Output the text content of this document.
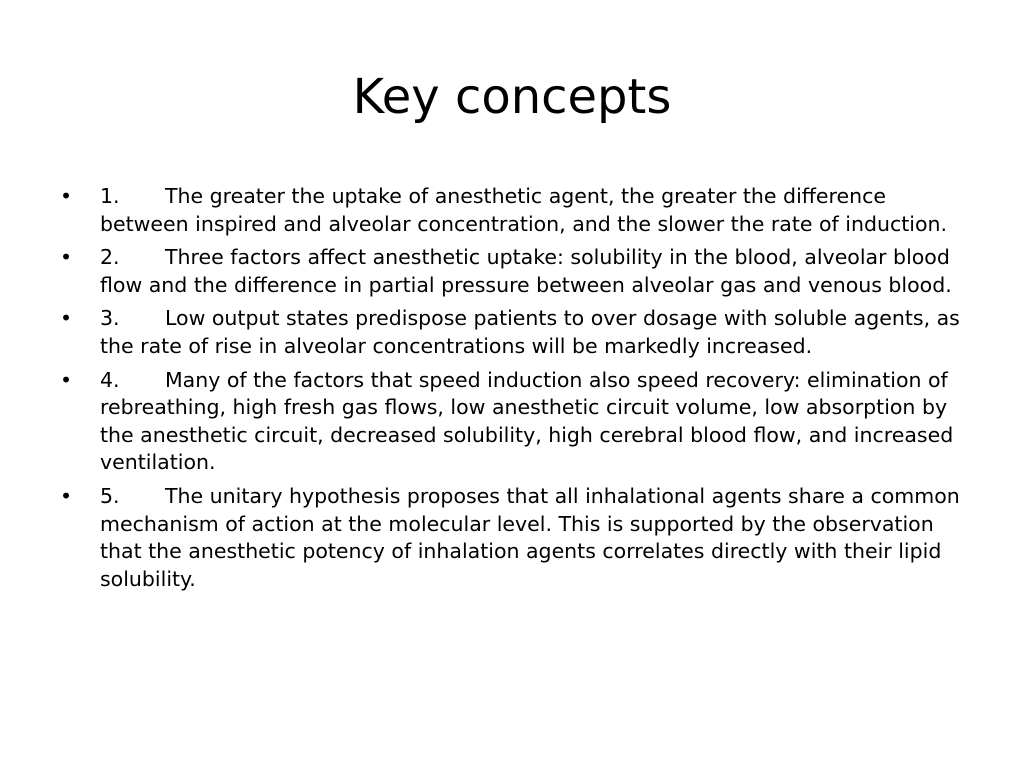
Key concepts
•	1. The greater the uptake of anesthetic agent, the greater the difference between inspired and alveolar concentration, and the slower the rate of induction.
•	2. Three factors affect anesthetic uptake: solubility in the blood, alveolar blood flow and the difference in partial pressure between alveolar gas and venous blood.
•	3. Low output states predispose patients to over dosage with soluble agents, as the rate of rise in alveolar concentrations will be markedly increased.
•	4. Many of the factors that speed induction also speed recovery: elimination of rebreathing, high fresh gas flows, low anesthetic circuit volume, low absorption by the anesthetic circuit, decreased solubility, high cerebral blood flow, and increased ventilation.
•	5. The unitary hypothesis proposes that all inhalational agents share a common mechanism of action at the molecular level. This is supported by the observation that the anesthetic potency of inhalation agents correlates directly with their lipid solubility.
